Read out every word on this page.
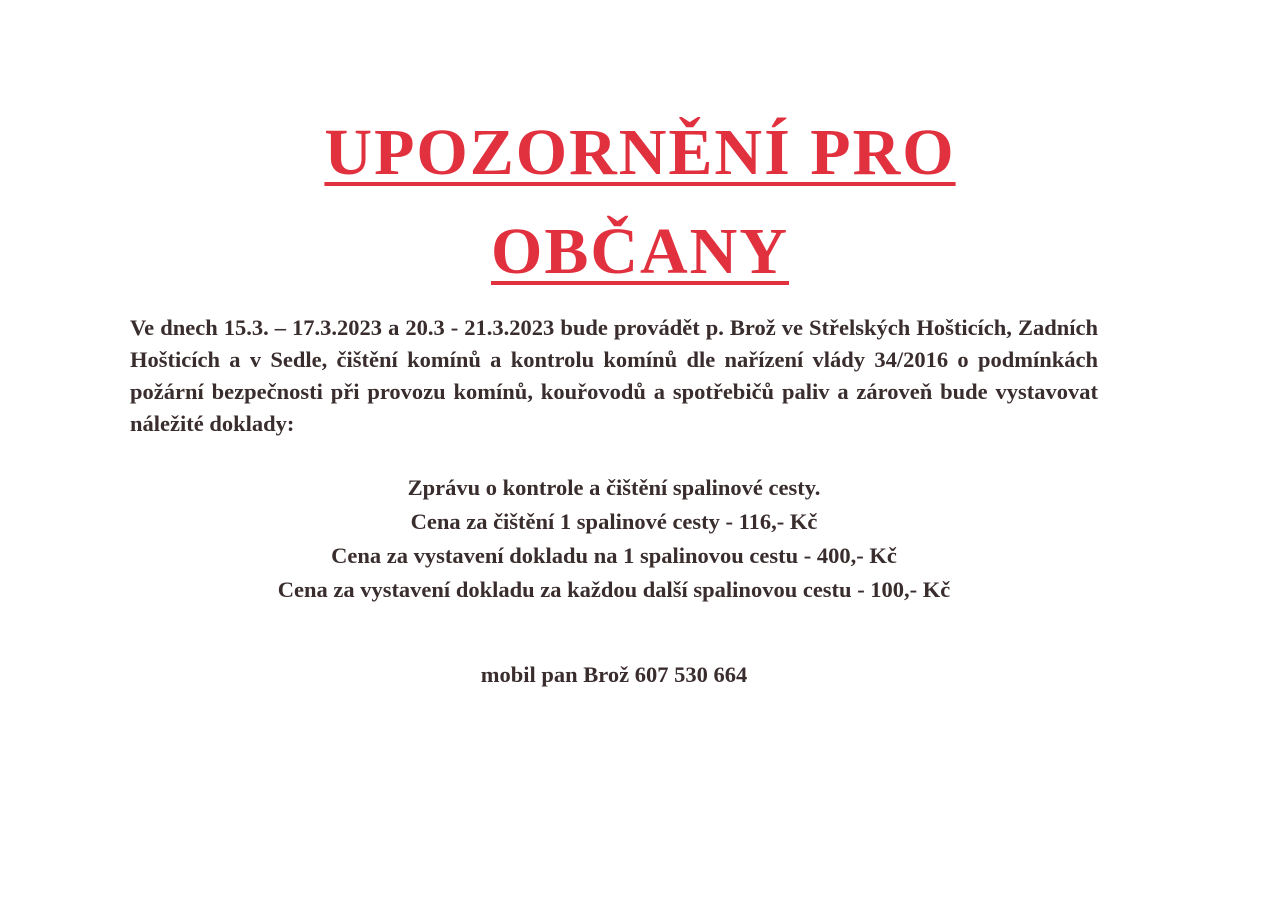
UPOZORNĚNÍ PRO
OBČANY

Ve dnech 15.3. – 17.3.2023 a 20.3 - 21.3.2023 bude provádět p. Brož ve Střelských Hošticích, Zadních Hošticích a v Sedle, čištění komínů a kontrolu komínů dle nařízení vlády 34/2016 o podmínkách požární bezpečnosti při provozu komínů, kouřovodů a spotřebičů paliv a zároveň bude vystavovat náležité doklady:

Zprávu o kontrole a čištění spalinové cesty.
Cena za čištění 1 spalinové cesty - 116,- Kč
Cena za vystavení dokladu na 1 spalinovou cestu - 400,- Kč
Cena za vystavení dokladu za každou další spalinovou cestu - 100,- Kč

mobil pan Brož 607 530 664
